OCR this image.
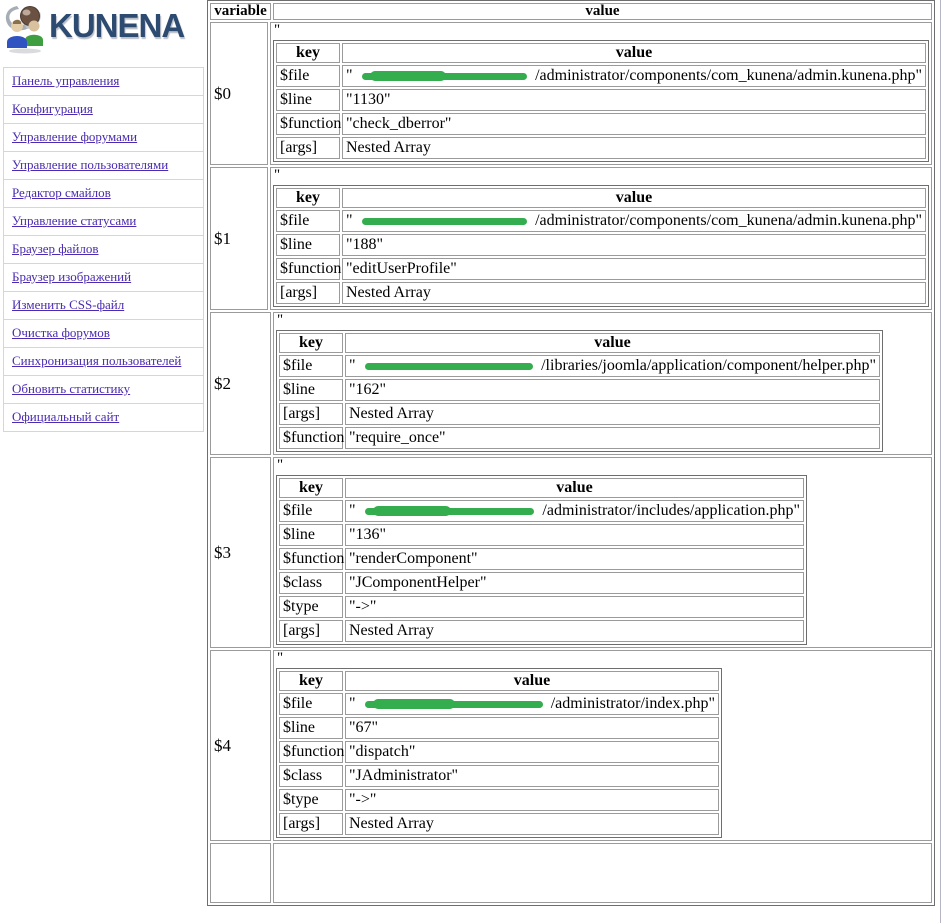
KUNENA
Панель управления
Конфигурация
Управление форумами
Управление пользователями
Редактор смайлов
Управление статусами
Браузер файлов
Браузер изображений
Изменить CSS-файл
Очистка форумов
Синхронизация пользователей
Обновить статистику
Официальный сайт
variable	value
$0
"
key	value
$file	"	/administrator/components/com_kunena/admin.kunena.php"
$line	"1130"
$function "check_dberror"
[args]	Nested Array
$1
"
key	value
$file	"	/administrator/components/com_kunena/admin.kunena.php"
$line	"188"
$function "editUserProfile"
[args]	Nested Array
$2
"
key	value
$file	"	/libraries/joomla/application/component/helper.php"
$line	"162"
[args]	Nested Array
$function "require_once"
$3
"
key	value
$file	"	/administrator/includes/application.php"
$line	"136"
$function "renderComponent"
$class	"JComponentHelper"
$type	"->"
[args]	Nested Array
$4
"
key	value
$file	"	/administrator/index.php"
$line	"67"
$function "dispatch"
$class	"JAdministrator"
$type	"->"
[args]	Nested Array
